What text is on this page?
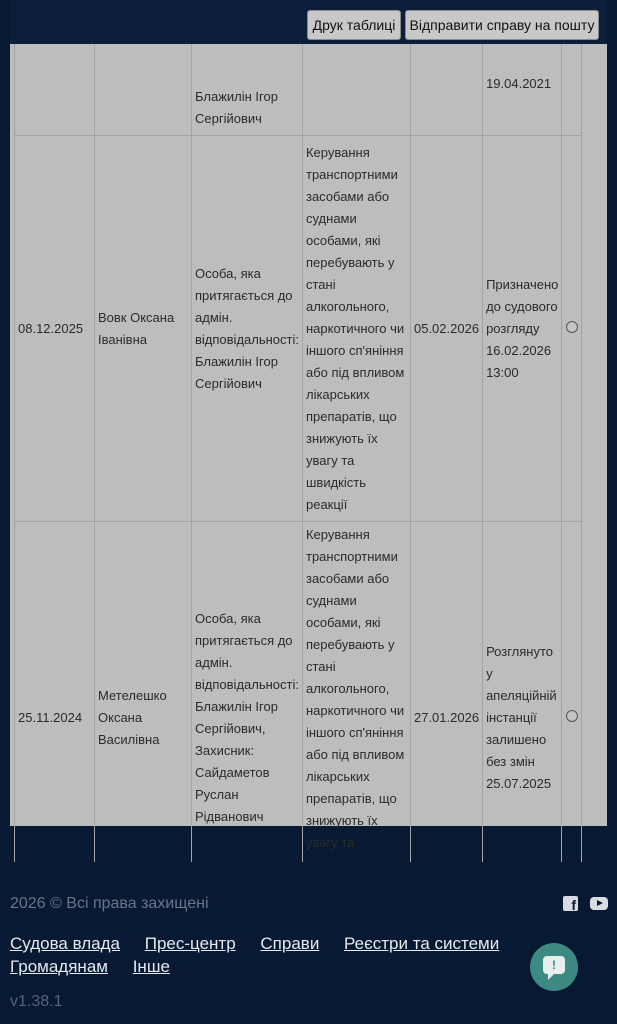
Друк таблиці	Відправити справу на пошту
		Блажилін Ігор Сергійович			19.04.2021	
08.12.2025	Вовк Оксана Іванівна	Особа, яка притягається до адмін. відповідальності: Блажилін Ігор Сергійович	Керування транспортними засобами або суднами особами, які перебувають у стані алкогольного, наркотичного чи іншого сп'яніння або під впливом лікарських препаратів, що знижують їх увагу та швидкість реакції	05.02.2026	Призначено до судового розгляду 16.02.2026 13:00	
25.11.2024	Метелешко Оксана Василівна	Особа, яка притягається до адмін. відповідальності: Блажилін Ігор Сергійович, Захисник: Сайдаметов Руслан Рідванович	Керування транспортними засобами або суднами особами, які перебувають у стані алкогольного, наркотичного чи іншого сп'яніння або під впливом лікарських препаратів, що знижують їх увагу та	27.01.2026	Розглянуто у апеляційній інстанції залишено без змін 25.07.2025	
2026 © Всі права захищені	f
Судова влада Прес-центр Справи Реєстри та системи Громадянам Інше
v1.38.1
!
